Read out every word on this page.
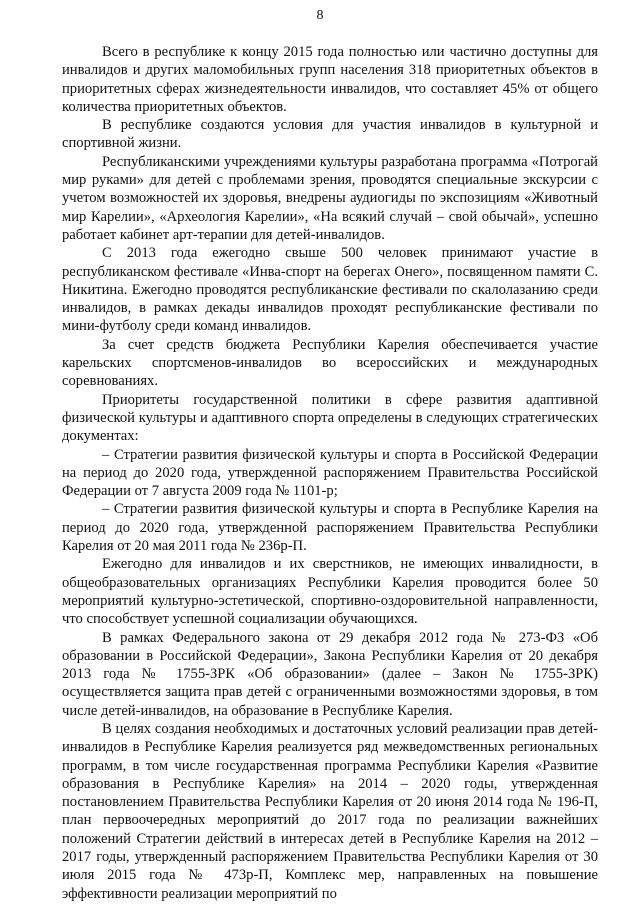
8

Всего в республике к концу 2015 года полностью или частично доступны для инвалидов и других маломобильных групп населения 318 приоритетных объектов в приоритетных сферах жизнедеятельности инвалидов, что составляет 45% от общего количества приоритетных объектов.

В республике создаются условия для участия инвалидов в культурной и спортивной жизни.

Республиканскими учреждениями культуры разработана программа «Потрогай мир руками» для детей с проблемами зрения, проводятся специальные экскурсии с учетом возможностей их здоровья, внедрены аудиогиды по экспозициям «Животный мир Карелии», «Археология Карелии», «На всякий случай – свой обычай», успешно работает кабинет арт-терапии для детей-инвалидов.

С 2013 года ежегодно свыше 500 человек принимают участие в республиканском фестивале «Инва-спорт на берегах Онего», посвященном памяти С. Никитина. Ежегодно проводятся республиканские фестивали по скалолазанию среди инвалидов, в рамках декады инвалидов проходят республиканские фестивали по мини-футболу среди команд инвалидов.

За счет средств бюджета Республики Карелия обеспечивается участие карельских спортсменов-инвалидов во всероссийских и международных соревнованиях.

Приоритеты государственной политики в сфере развития адаптивной физической культуры и адаптивного спорта определены в следующих стратегических документах:

– Стратегии развития физической культуры и спорта в Российской Федерации на период до 2020 года, утвержденной распоряжением Правительства Российской Федерации от 7 августа 2009 года № 1101-р;

– Стратегии развития физической культуры и спорта в Республике Карелия на период до 2020 года, утвержденной распоряжением Правительства Республики Карелия от 20 мая 2011 года № 236р-П.

Ежегодно для инвалидов и их сверстников, не имеющих инвалидности, в общеобразовательных организациях Республики Карелия проводится более 50 мероприятий культурно-эстетической, спортивно-оздоровительной направленности, что способствует успешной социализации обучающихся.

В рамках Федерального закона от 29 декабря 2012 года № 273-ФЗ «Об образовании в Российской Федерации», Закона Республики Карелия от 20 декабря 2013 года № 1755-ЗРК «Об образовании» (далее – Закон № 1755-ЗРК) осуществляется защита прав детей с ограниченными возможностями здоровья, в том числе детей-инвалидов, на образование в Республике Карелия.

В целях создания необходимых и достаточных условий реализации прав детей-инвалидов в Республике Карелия реализуется ряд межведомственных региональных программ, в том числе государственная программа Республики Карелия «Развитие образования в Республике Карелия» на 2014 – 2020 годы, утвержденная постановлением Правительства Республики Карелия от 20 июня 2014 года № 196-П, план первоочередных мероприятий до 2017 года по реализации важнейших положений Стратегии действий в интересах детей в Республике Карелия на 2012 – 2017 годы, утвержденный распоряжением Правительства Республики Карелия от 30 июля 2015 года № 473р-П, Комплекс мер, направленных на повышение эффективности реализации мероприятий по
